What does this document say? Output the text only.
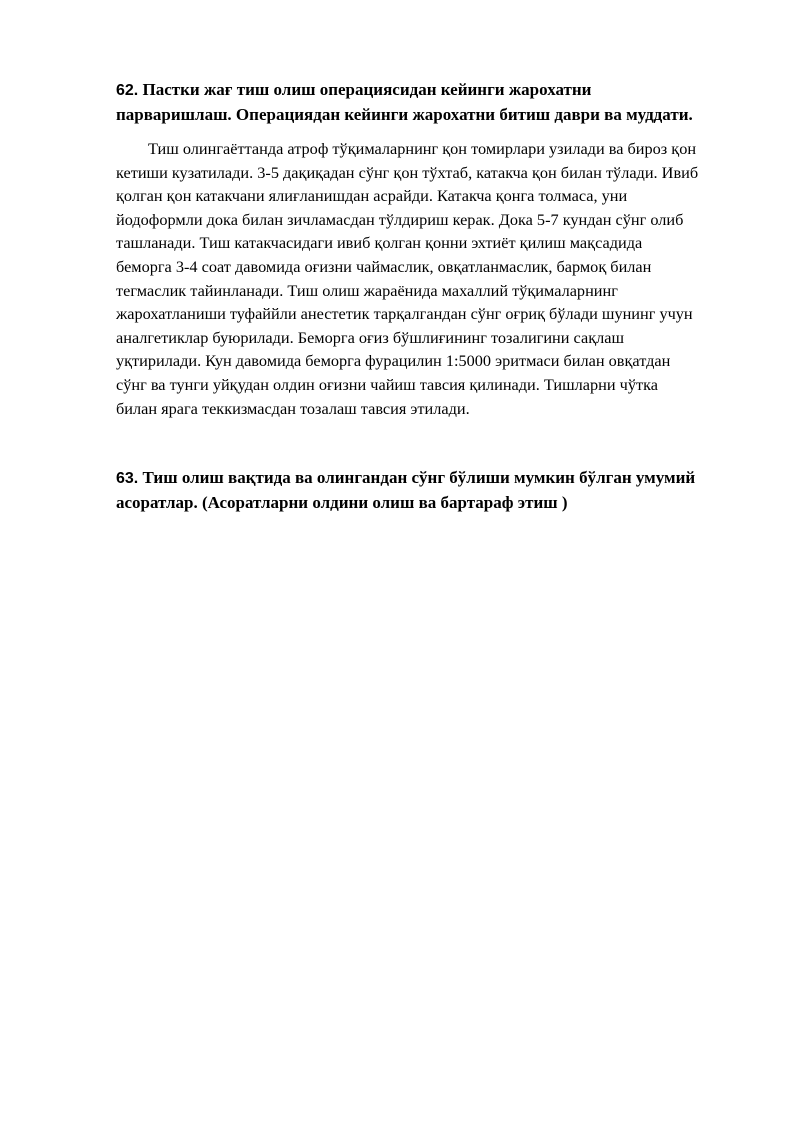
62. Пастки жағ тиш олиш операциясидан кейинги жарохатни парваришлаш. Операциядан кейинги жарохатни битиш даври ва муддати.

Тиш олингаёттанда атроф тўқималарнинг қон томирлари узилади ва бироз қон кетиши кузатилади. 3-5 дақиқадан сўнг қон тўхтаб, катакча қон билан тўлади. Ивиб қолган қон катакчани ялиғланишдан асрайди. Катакча қонга толмаса, уни йодоформли дока билан зичламасдан тўлдириш керак. Дока 5-7 кундан сўнг олиб ташланади. Тиш катакчасидаги ивиб қолган қонни эхтиёт қилиш мақсадида беморга 3-4 соат давомида оғизни чаймаслик, овқатланмаслик, бармоқ билан тегмаслик тайинланади. Тиш олиш жараёнида махаллий тўқималарнинг жарохатланиши туфаййли анестетик тарқалгандан сўнг оғриқ бўлади шунинг учун аналгетиклар буюрилади. Беморга оғиз бўшлиғининг тозалигини сақлаш уқтирилади. Кун давомида беморга фурацилин 1:5000 эритмаси билан овқатдан сўнг ва тунги уйқудан олдин оғизни чайиш тавсия қилинади. Тишларни чўтка билан ярага теккизмасдан тозалаш тавсия этилади.

63. Тиш олиш вақтида ва олингандан сўнг бўлиши мумкин бўлган умумий асоратлар. (Асоратларни олдини олиш ва бартараф этиш )
